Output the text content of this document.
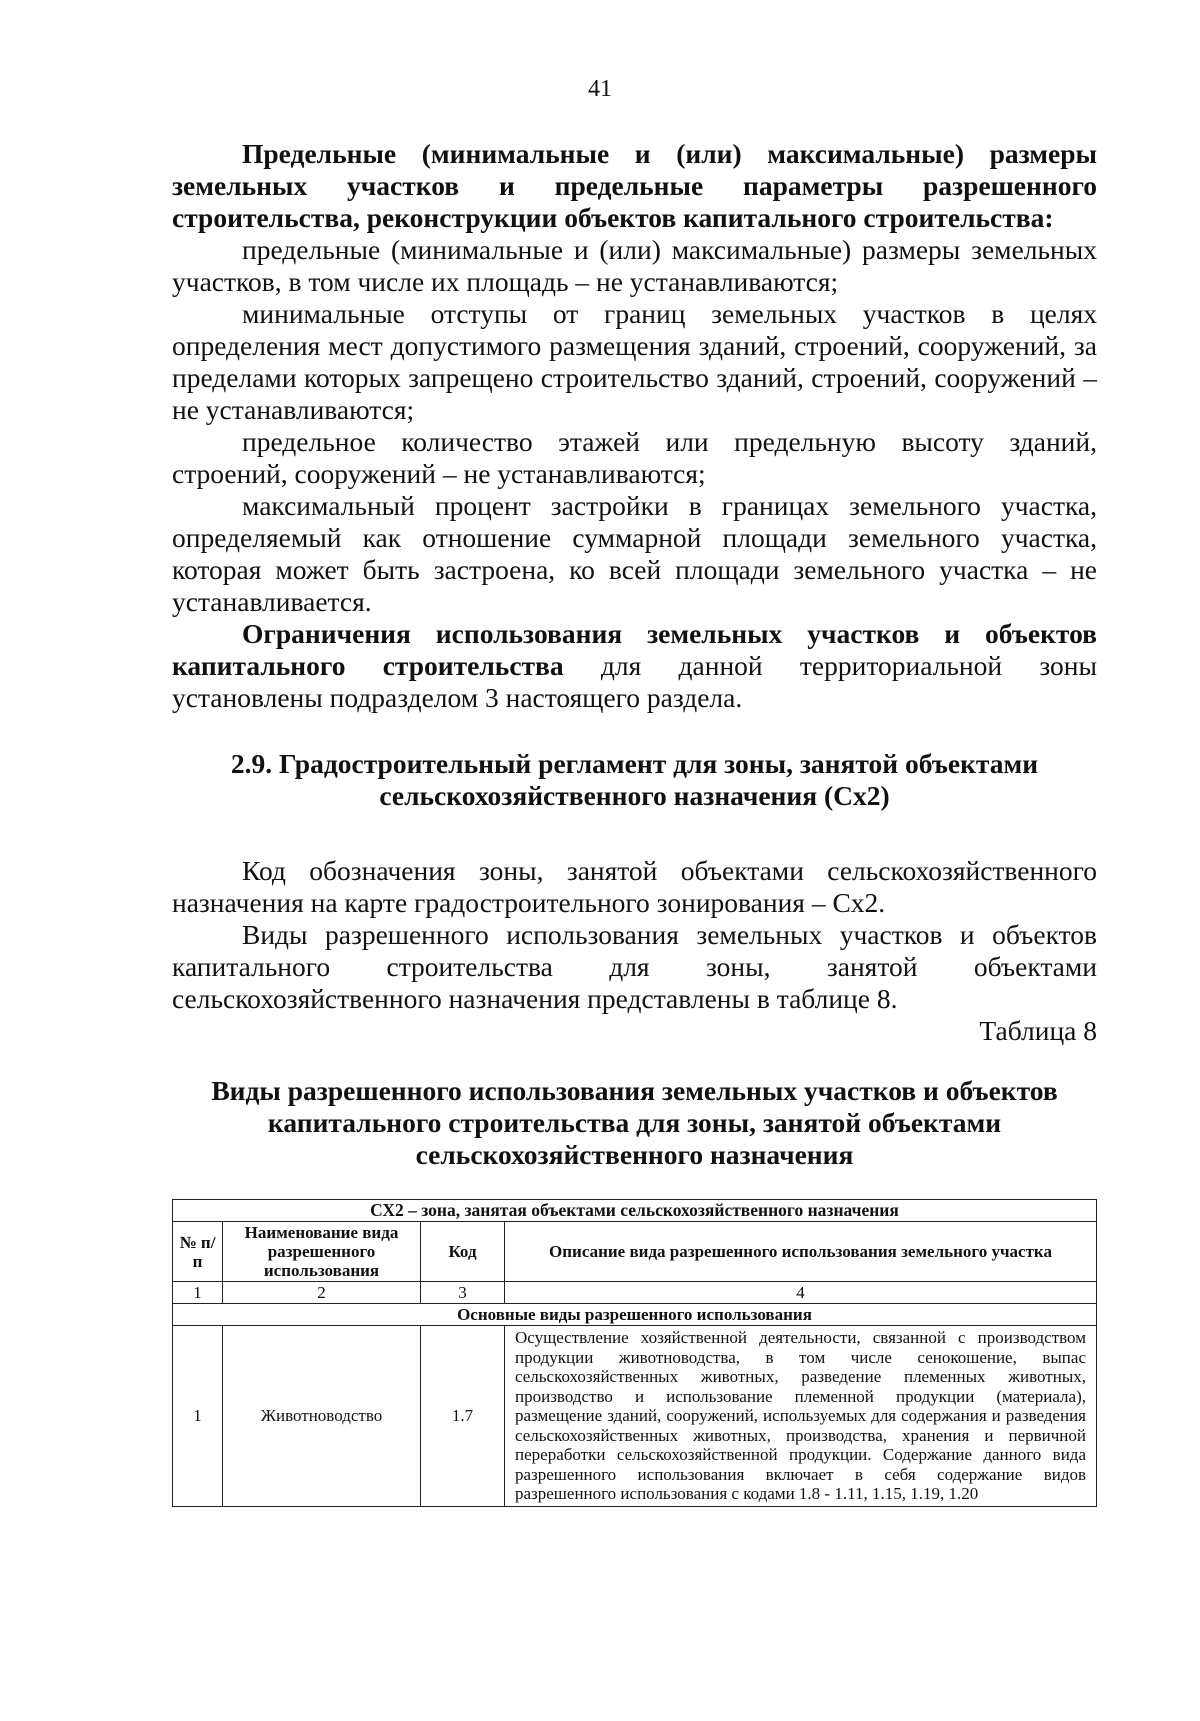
41

Предельные (минимальные и (или) максимальные) размеры земельных участков и предельные параметры разрешенного строительства, реконструкции объектов капитального строительства:

предельные (минимальные и (или) максимальные) размеры земельных участков, в том числе их площадь – не устанавливаются;

минимальные отступы от границ земельных участков в целях определения мест допустимого размещения зданий, строений, сооружений, за пределами которых запрещено строительство зданий, строений, сооружений – не устанавливаются;

предельное количество этажей или предельную высоту зданий, строений, сооружений – не устанавливаются;

максимальный процент застройки в границах земельного участка, определяемый как отношение суммарной площади земельного участка, которая может быть застроена, ко всей площади земельного участка – не устанавливается.

Ограничения использования земельных участков и объектов капитального строительства для данной территориальной зоны установлены подразделом 3 настоящего раздела.

2.9. Градостроительный регламент для зоны, занятой объектами

сельскохозяйственного назначения (Сх2)

Код обозначения зоны, занятой объектами сельскохозяйственного назначения на карте градостроительного зонирования – Сх2.

Виды разрешенного использования земельных участков и объектов капитального строительства для зоны, занятой объектами сельскохозяйственного назначения представлены в таблице 8.

Таблица 8

Виды разрешенного использования земельных участков и объектов

капитального строительства для зоны, занятой объектами

сельскохозяйственного назначения

СХ2 – зона, занятая объектами сельскохозяйственного назначения			
№ п/п	Наименование вида разрешенного использования	Код	Описание вида разрешенного использования земельного участка
1	2	3	4
Основные виды разрешенного использования			
1	Животноводство	1.7	Осуществление хозяйственной деятельности, связанной с производством продукции животноводства, в том числе сенокошение, выпас сельскохозяйственных животных, разведение племенных животных, производство и использование племенной продукции (материала), размещение зданий, сооружений, используемых для содержания и разведения сельскохозяйственных животных, производства, хранения и первичной переработки сельскохозяйственной продукции. Содержание данного вида разрешенного использования включает в себя содержание видов разрешенного использования с кодами 1.8 - 1.11, 1.15, 1.19, 1.20
